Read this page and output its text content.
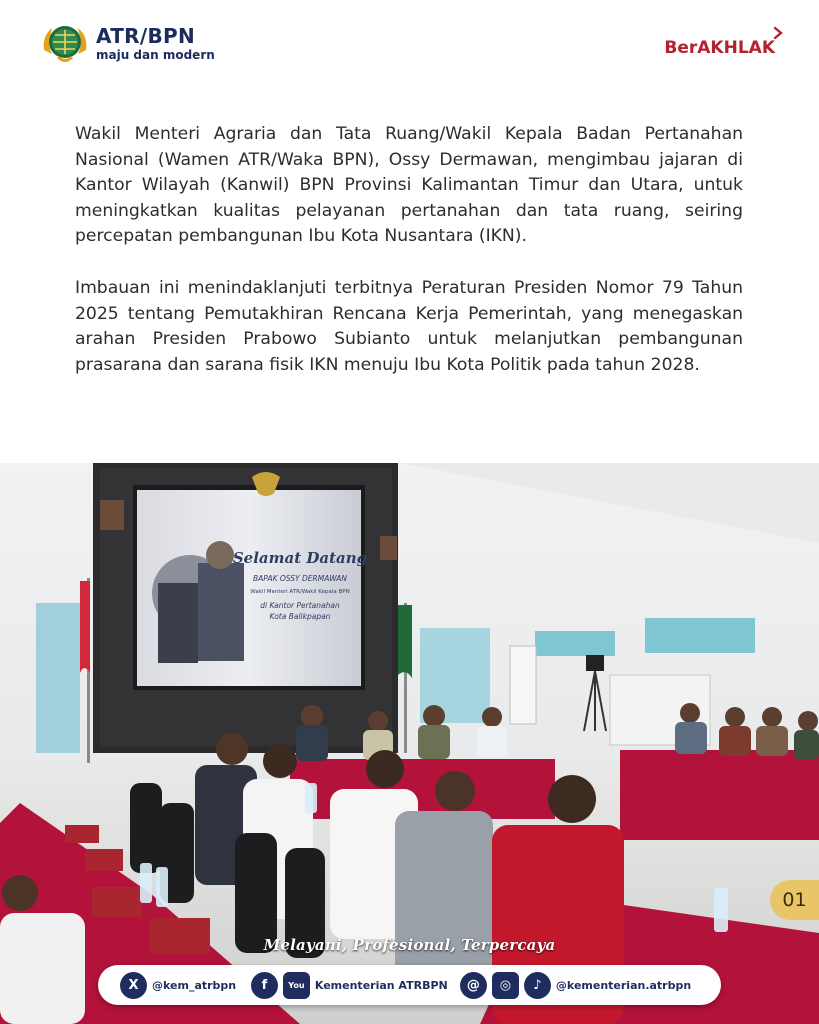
ATR/BPN
maju dan modern	BerAKHLAK

Wakil Menteri Agraria dan Tata Ruang/Wakil Kepala Badan Pertanahan Nasional (Wamen ATR/Waka BPN), Ossy Dermawan, mengimbau jajaran di Kantor Wilayah (Kanwil) BPN Provinsi Kalimantan Timur dan Utara, untuk meningkatkan kualitas pelayanan pertanahan dan tata ruang, seiring percepatan pembangunan Ibu Kota Nusantara (IKN).

Imbauan ini menindaklanjuti terbitnya Peraturan Presiden Nomor 79 Tahun 2025 tentang Pemutakhiran Rencana Kerja Pemerintah, yang menegaskan arahan Presiden Prabowo Subianto untuk melanjutkan pembangunan prasarana dan sarana fisik IKN menuju Ibu Kota Politik pada tahun 2028.

Selamat Datang
BAPAK OSSY DERMAWAN
Wakil Menteri ATR/Wakil Kepala BPN
di Kantor Pertanahan
Kota Balikpapan
01
Melayani, Profesional, Terpercaya
X	@kem_atrbpn	f	You Kementerian ATRBPN	@	◎	♪	@kementerian.atrbpn
